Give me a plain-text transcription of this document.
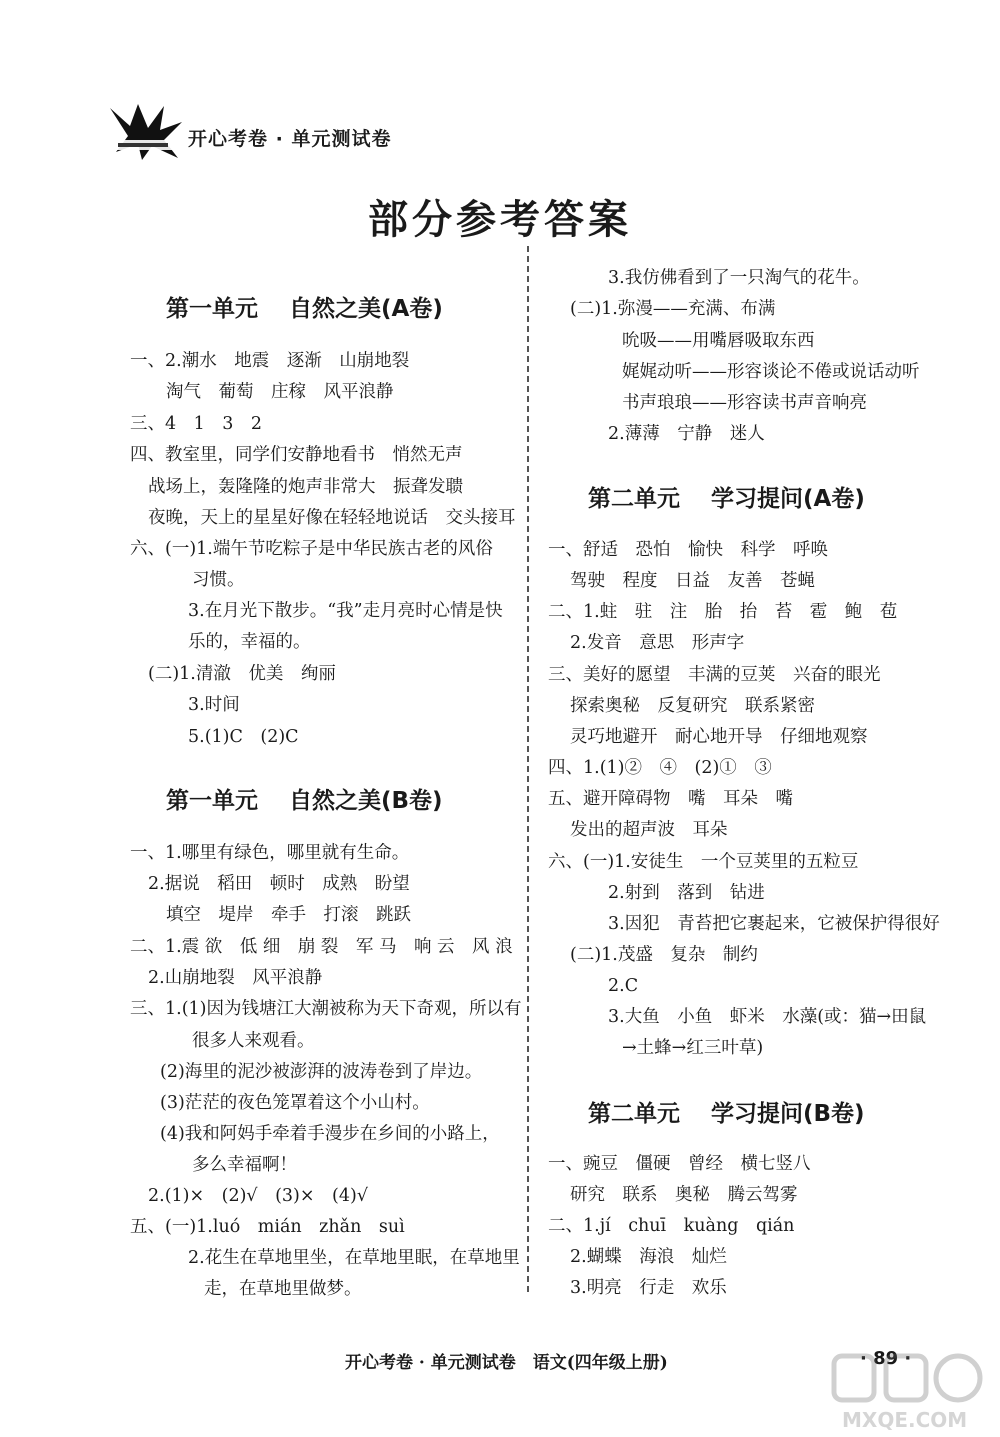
开心考卷 · 单元测试卷
部分参考答案
第一单元　 自然之美(A卷)
一、2.潮水　地震　逐渐　山崩地裂
淘气　葡萄　庄稼　风平浪静
三、4　1　3　2
四、教室里，同学们安静地看书　悄然无声
战场上，轰隆隆的炮声非常大　振聋发聩
夜晚，天上的星星好像在轻轻地说话　交头接耳
六、(一)1.端午节吃粽子是中华民族古老的风俗
习惯。
3.在月光下散步。“我”走月亮时心情是快
乐的，幸福的。
(二)1.清澈　优美　绚丽
3.时间
5.(1)C　(2)C
第一单元　 自然之美(B卷)
一、1.哪里有绿色，哪里就有生命。
2.据说　稻田　顿时　成熟　盼望
填空　堤岸　牵手　打滚　跳跃
二、1.震 欲　低 细　崩 裂　军 马　响 云　风 浪
2.山崩地裂　风平浪静
三、1.(1)因为钱塘江大潮被称为天下奇观，所以有
很多人来观看。
(2)海里的泥沙被澎湃的波涛卷到了岸边。
(3)茫茫的夜色笼罩着这个小山村。
(4)我和阿妈手牵着手漫步在乡间的小路上，
多么幸福啊！
2.(1)×　(2)√　(3)×　(4)√
五、(一)1.luó　mián　zhǎn　suì
2.花生在草地里坐，在草地里眠，在草地里
走，在草地里做梦。
3.我仿佛看到了一只淘气的花牛。
(二)1.弥漫——充满、布满
吮吸——用嘴唇吸取东西
娓娓动听——形容谈论不倦或说话动听
书声琅琅——形容读书声音响亮
2.薄薄　宁静　迷人
第二单元　 学习提问(A卷)
一、舒适　恐怕　愉快　科学　呼唤
驾驶　程度　日益　友善　苍蝇
二、1.蛀　驻　注　胎　抬　苔　雹　鲍　苞
2.发音　意思　形声字
三、美好的愿望　丰满的豆荚　兴奋的眼光
探索奥秘　反复研究　联系紧密
灵巧地避开　耐心地开导　仔细地观察
四、1.(1)②　④　(2)①　③
五、避开障碍物　嘴　耳朵　嘴
发出的超声波　耳朵
六、(一)1.安徒生　一个豆荚里的五粒豆
2.射到　落到　钻进
3.因犯　青苔把它裹起来，它被保护得很好
(二)1.茂盛　复杂　制约
2.C
3.大鱼　小鱼　虾米　水藻(或：猫→田鼠
→土蜂→红三叶草)
第二单元　 学习提问(B卷)
一、豌豆　僵硬　曾经　横七竖八
研究　联系　奥秘　腾云驾雾
二、1.jí　chuī　kuàng　qián
2.蝴蝶　海浪　灿烂
3.明亮　行走　欢乐
开心考卷 · 单元测试卷　语文(四年级上册)	· 89 ·
MXQE.COM
